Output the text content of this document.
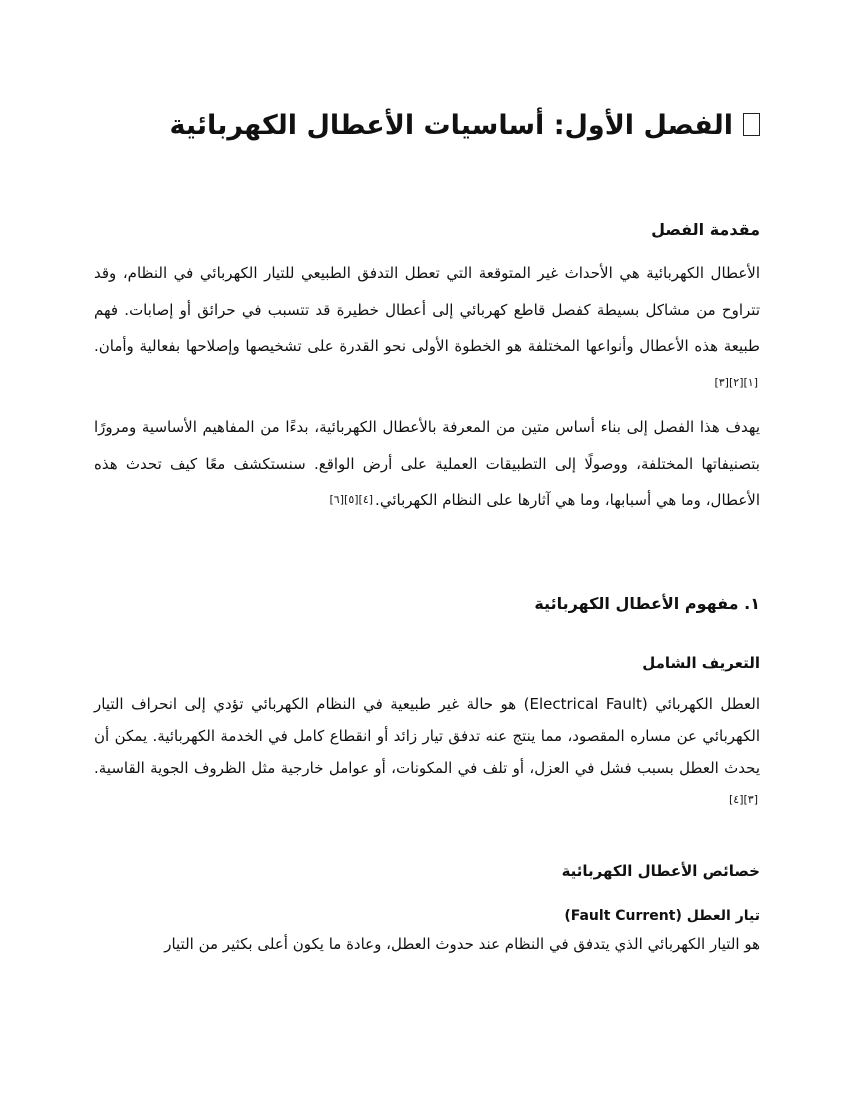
الفصل الأول: أساسيات الأعطال الكهربائية
مقدمة الفصل

الأعطال الكهربائية هي الأحداث غير المتوقعة التي تعطل التدفق الطبيعي للتيار الكهربائي في النظام، وقد تتراوح من مشاكل بسيطة كفصل قاطع كهربائي إلى أعطال خطيرة قد تتسبب في حرائق أو إصابات. فهم طبيعة هذه الأعطال وأنواعها المختلفة هو الخطوة الأولى نحو القدرة على تشخيصها وإصلاحها بفعالية وأمان.[١][٢][٣]

يهدف هذا الفصل إلى بناء أساس متين من المعرفة بالأعطال الكهربائية، بدءًا من المفاهيم الأساسية ومرورًا بتصنيفاتها المختلفة، ووصولًا إلى التطبيقات العملية على أرض الواقع. سنستكشف معًا كيف تحدث هذه الأعطال، وما هي أسبابها، وما هي آثارها على النظام الكهربائي.[٤][٥][٦]

١. مفهوم الأعطال الكهربائية
التعريف الشامل

العطل الكهربائي (Electrical Fault) هو حالة غير طبيعية في النظام الكهربائي تؤدي إلى انحراف التيار الكهربائي عن مساره المقصود، مما ينتج عنه تدفق تيار زائد أو انقطاع كامل في الخدمة الكهربائية. يمكن أن يحدث العطل بسبب فشل في العزل، أو تلف في المكونات، أو عوامل خارجية مثل الظروف الجوية القاسية.[٣][٤]

خصائص الأعطال الكهربائية
تيار العطل (Fault Current)

هو التيار الكهربائي الذي يتدفق في النظام عند حدوث العطل، وعادة ما يكون أعلى بكثير من التيار
